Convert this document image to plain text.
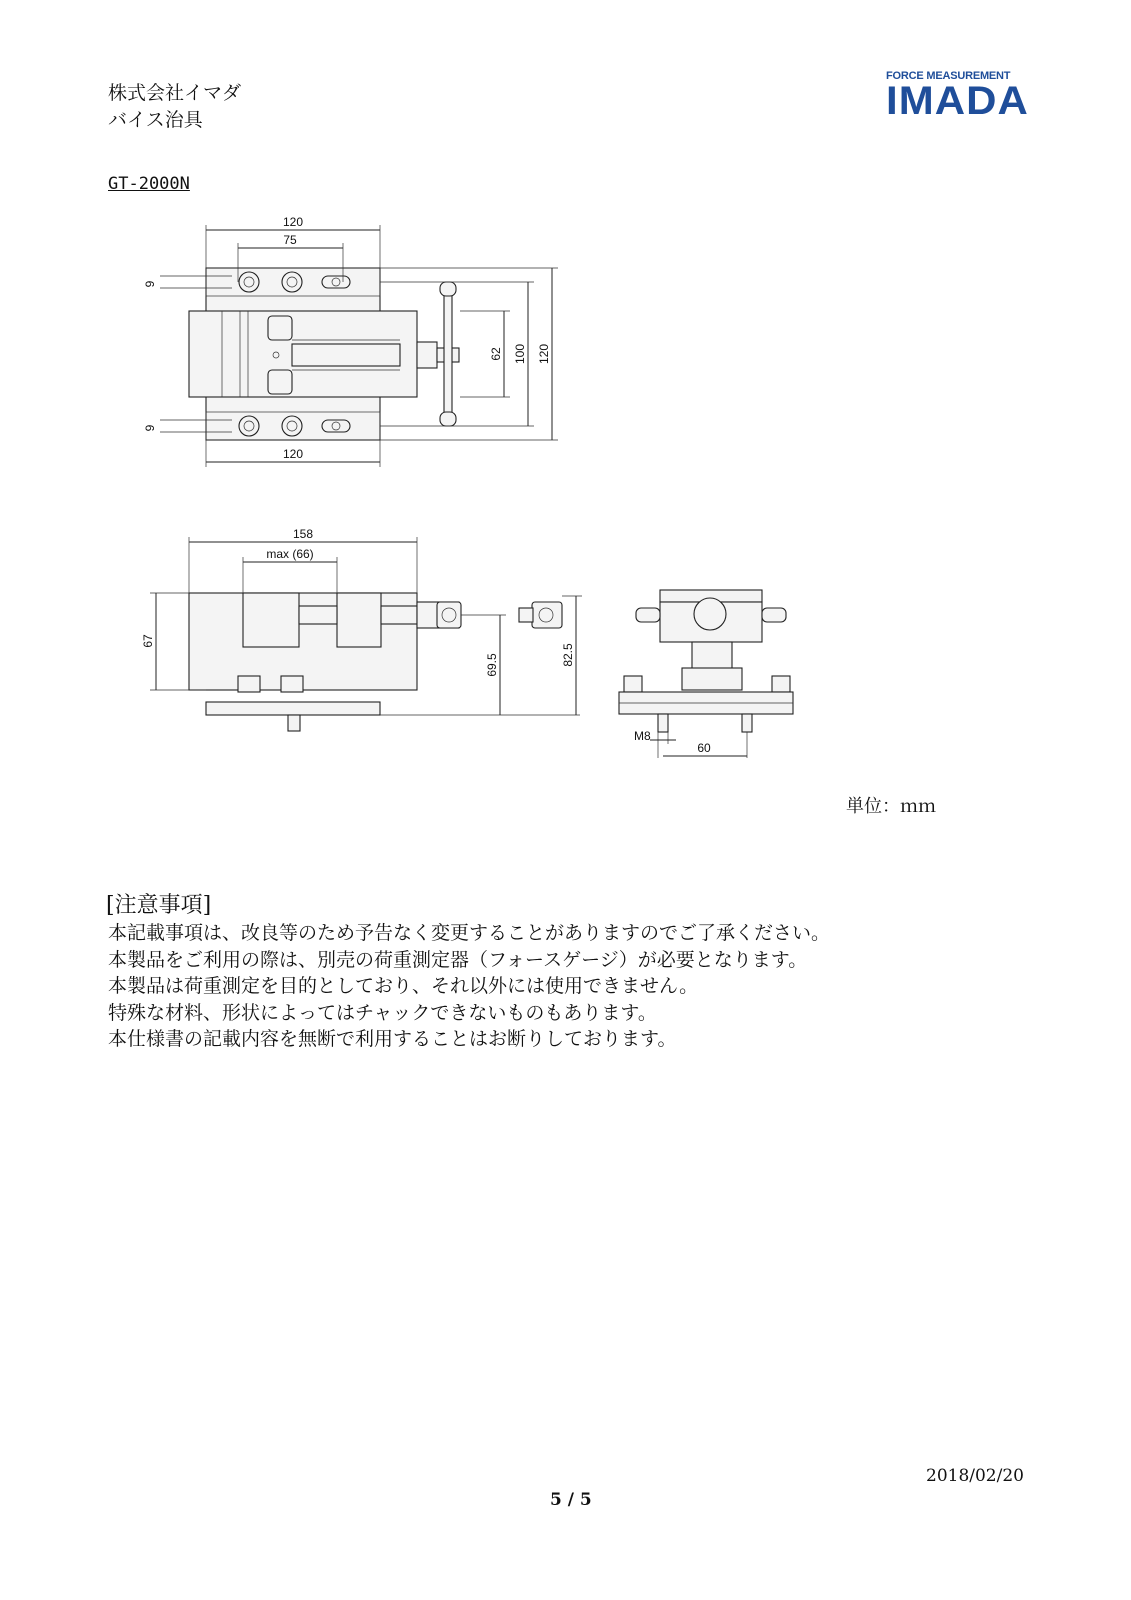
株式会社イマダ
バイス治具
FORCE MEASUREMENT
IMADA
GT-2000N
120
75
9
9
120
62 100 120
158
max (66)
67
69.5	82.5
M8
60
単位：ｍｍ
[注意事項]
本記載事項は、改良等のため予告なく変更することがありますのでご了承ください。
本製品をご利用の際は、別売の荷重測定器（フォースゲージ）が必要となります。
本製品は荷重測定を目的としており、それ以外には使用できません。
特殊な材料、形状によってはチャックできないものもあります。
本仕様書の記載内容を無断で利用することはお断りしております。
2018/02/20
5 / 5
